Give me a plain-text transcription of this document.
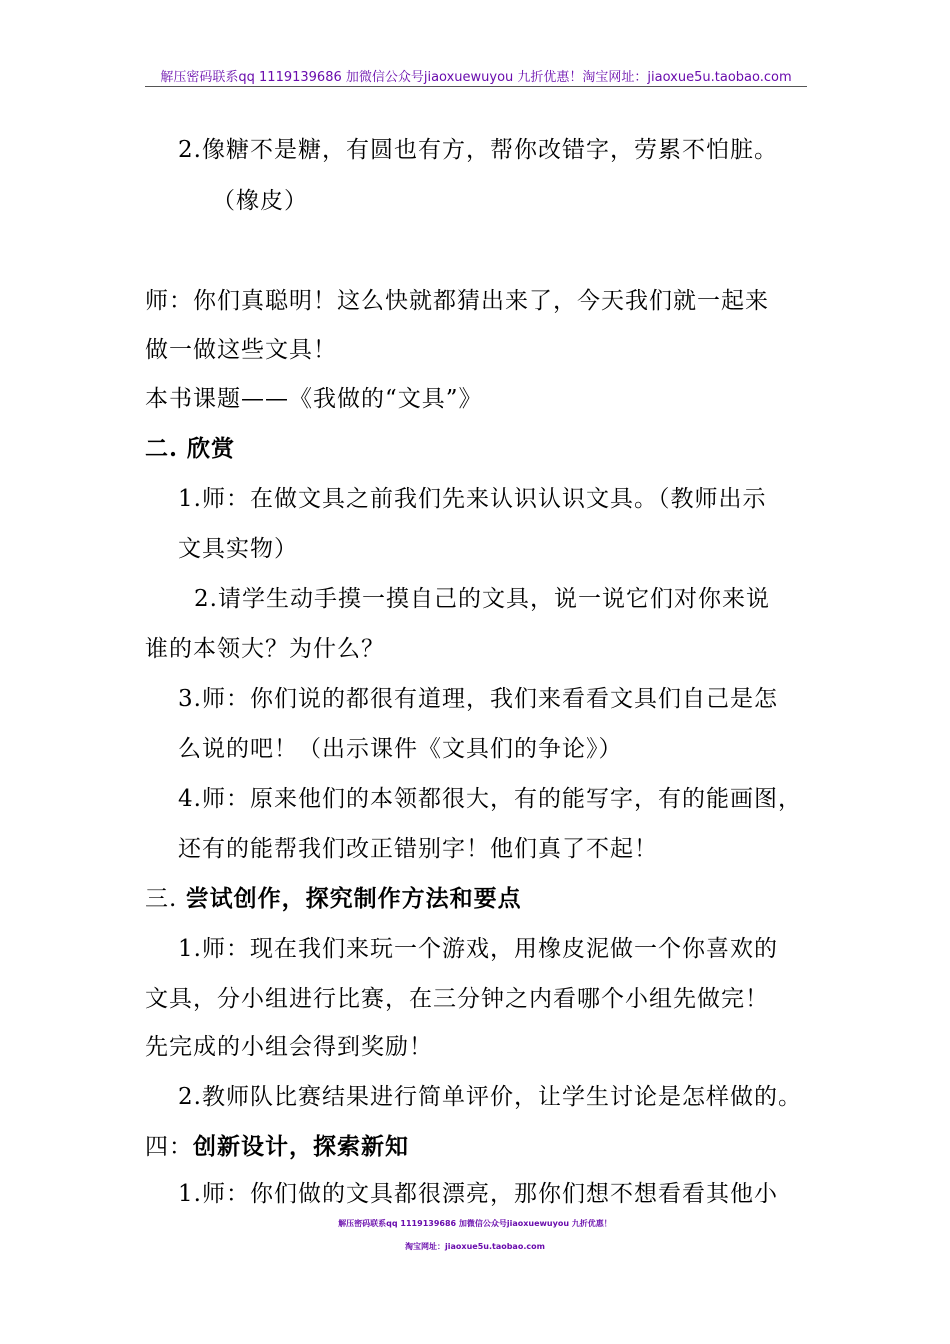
解压密码联系qq 1119139686 加微信公众号jiaoxuewuyou 九折优惠！淘宝网址：jiaoxue5u.taobao.com
2.像糖不是糖，有圆也有方，帮你改错字，劳累不怕脏。
（橡皮）
师：你们真聪明！这么快就都猜出来了，今天我们就一起来
做一做这些文具！
本书课题——《我做的“文具”》
二. 欣赏
1.师：在做文具之前我们先来认识认识文具。（教师出示
文具实物）
2.请学生动手摸一摸自己的文具，说一说它们对你来说
谁的本领大？为什么？
3.师：你们说的都很有道理，我们来看看文具们自己是怎
么说的吧！（出示课件《文具们的争论》）
4.师：原来他们的本领都很大，有的能写字，有的能画图，
还有的能帮我们改正错别字！他们真了不起！
三. 尝试创作，探究制作方法和要点
1.师：现在我们来玩一个游戏，用橡皮泥做一个你喜欢的
文具，分小组进行比赛，在三分钟之内看哪个小组先做完！
先完成的小组会得到奖励！
2.教师队比赛结果进行简单评价，让学生讨论是怎样做的。
四：创新设计，探索新知
1.师：你们做的文具都很漂亮，那你们想不想看看其他小
解压密码联系qq 1119139686 加微信公众号jiaoxuewuyou 九折优惠！
淘宝网址：jiaoxue5u.taobao.com
